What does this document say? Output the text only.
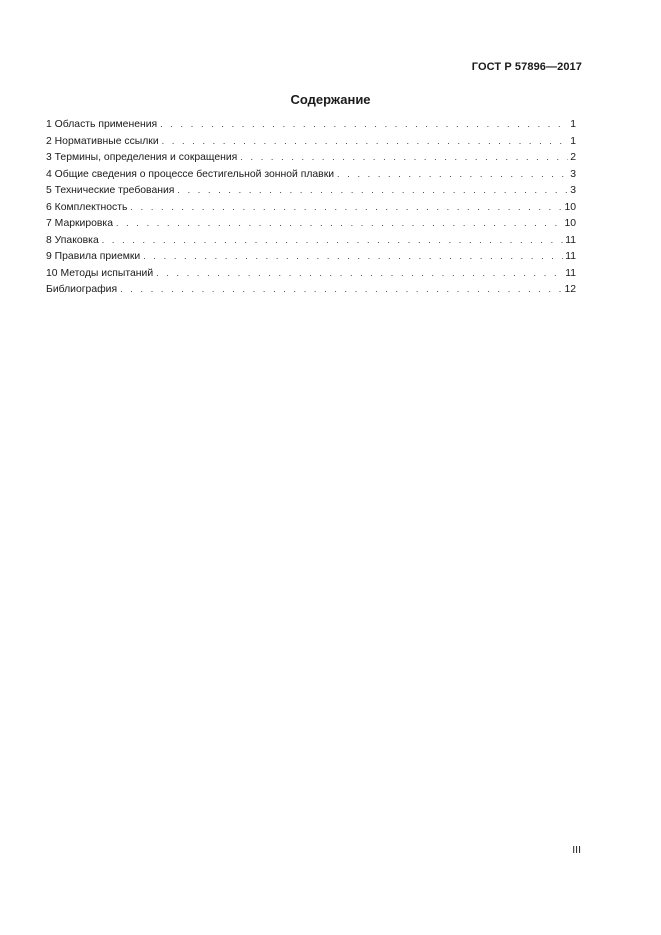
ГОСТ Р 57896—2017
Содержание
1 Область применения . . .	1
2 Нормативные ссылки . . .	1
3 Термины, определения и сокращения . . .	2
4 Общие сведения о процессе бестигельной зонной плавки . . .	3
5 Технические требования . . .	3
6 Комплектность . . .	10
7 Маркировка . . .	10
8 Упаковка . . .	11
9 Правила приемки . . .	11
10 Методы испытаний . . .	11
Библиография . . .	12
III
